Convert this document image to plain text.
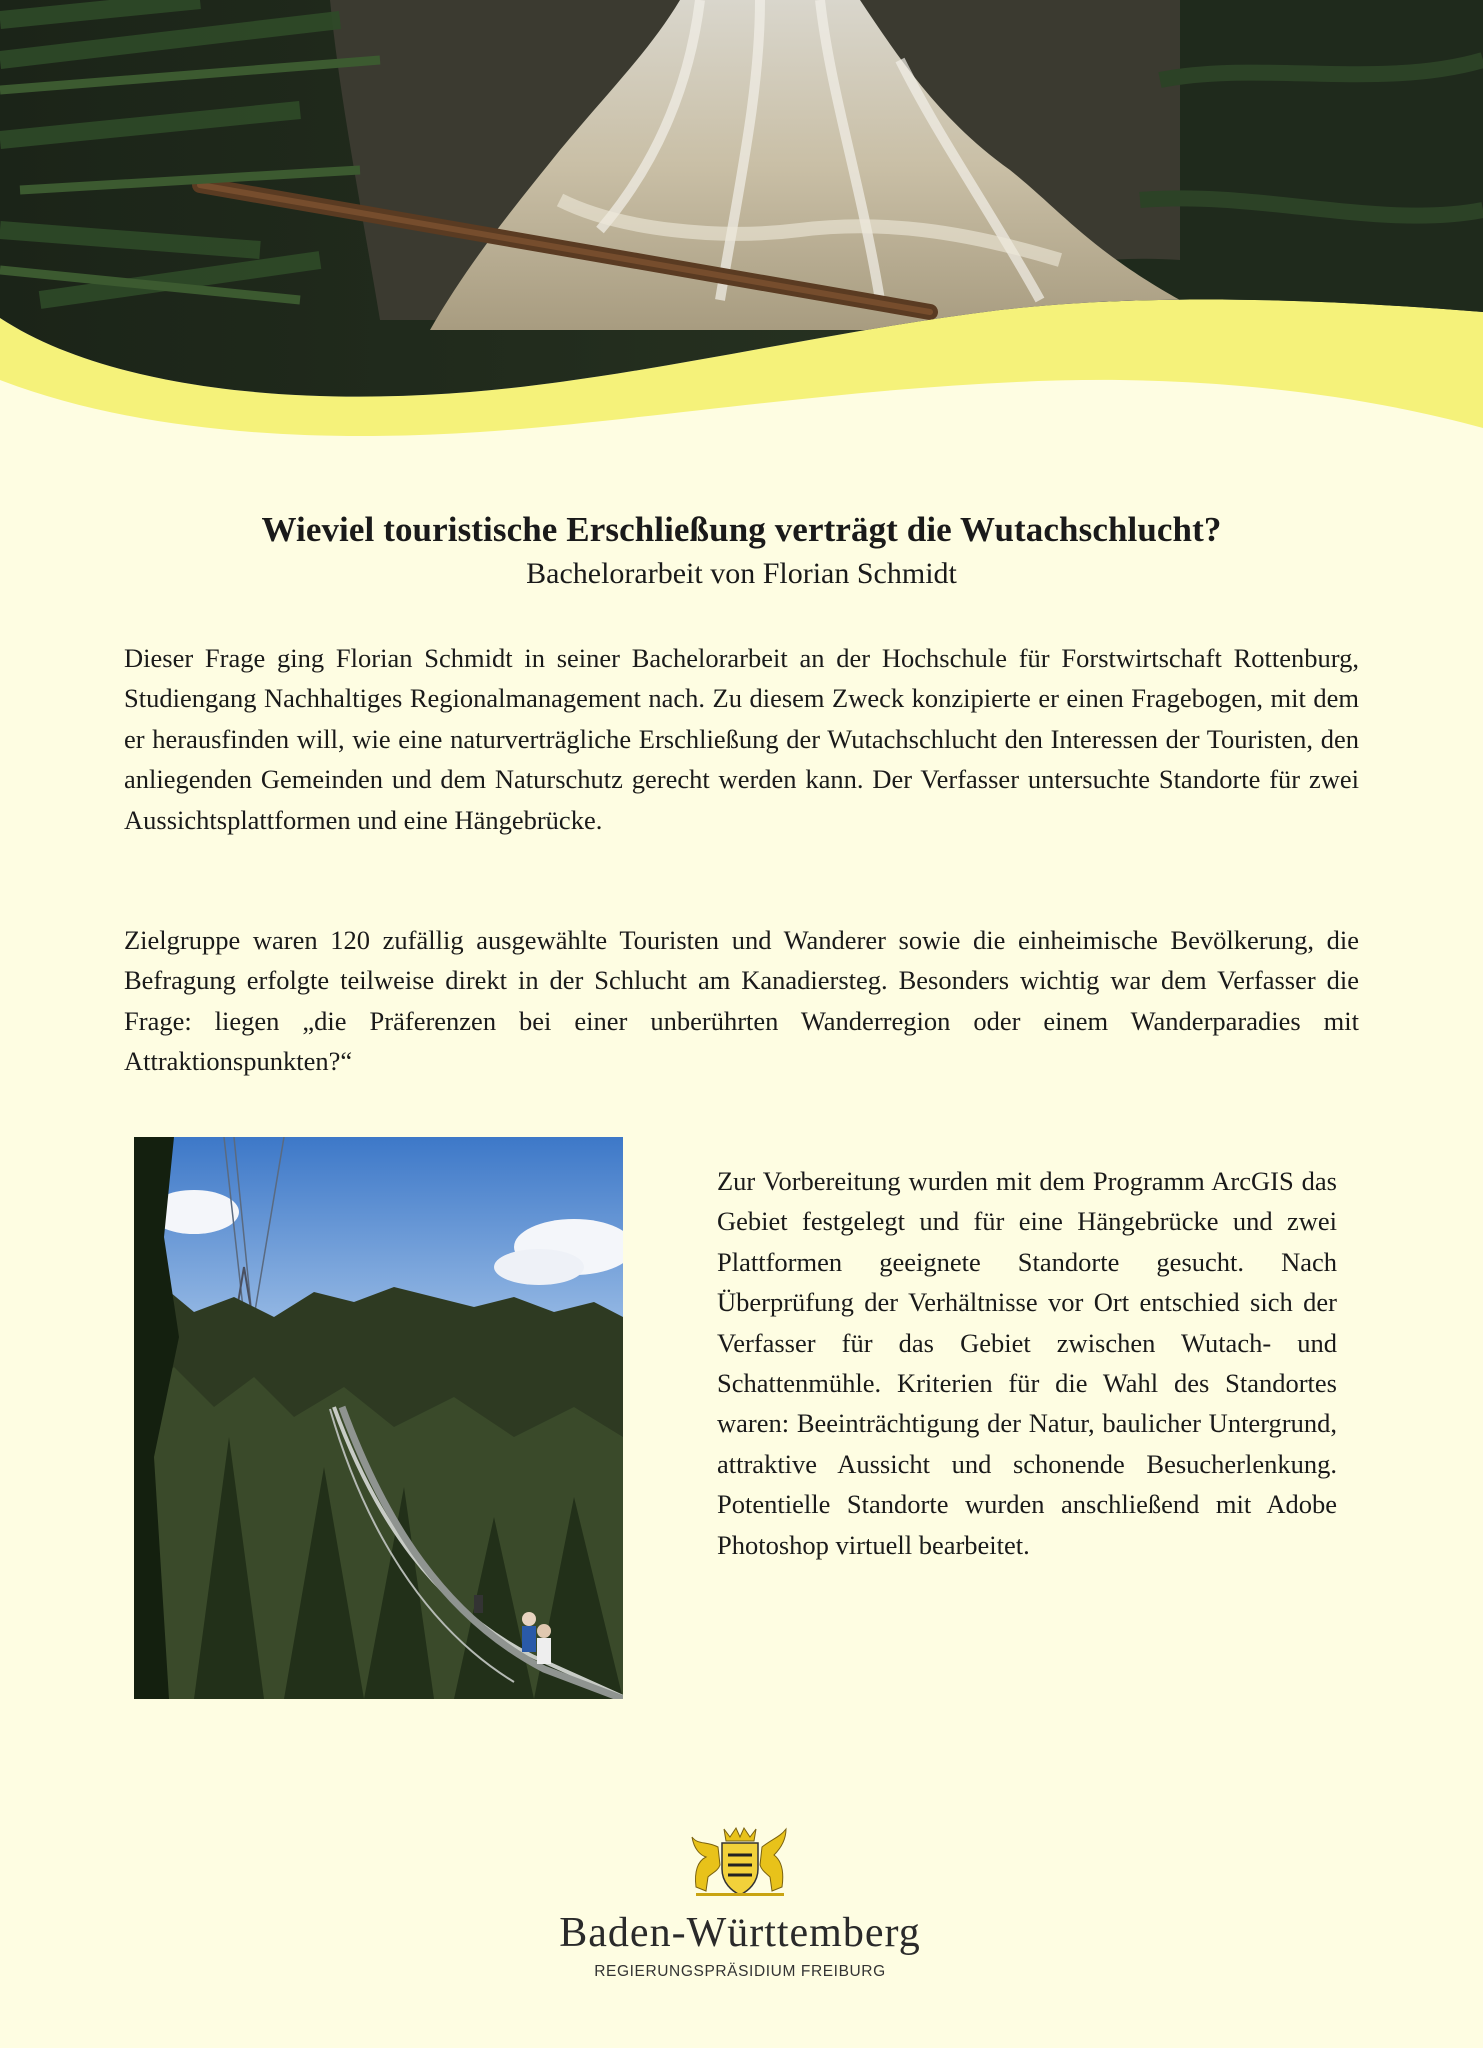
Wieviel touristische Erschließung verträgt die Wutachschlucht?

Bachelorarbeit von Florian Schmidt

Dieser Frage ging Florian Schmidt in seiner Bachelorarbeit an der Hochschule für Forstwirtschaft Rottenburg, Studiengang Nachhaltiges Regionalmanagement nach. Zu diesem Zweck konzipierte er einen Fragebogen, mit dem er herausfinden will, wie eine naturverträgliche Erschließung der Wutachschlucht den Interessen der Touristen, den anliegenden Gemeinden und dem Naturschutz gerecht werden kann. Der Verfasser untersuchte Standorte für zwei Aussichtsplattformen und eine Hängebrücke.

Zielgruppe waren 120 zufällig ausgewählte Touristen und Wanderer sowie die einheimische Bevölkerung, die Befragung erfolgte teilweise direkt in der Schlucht am Kanadiersteg. Besonders wichtig war dem Verfasser die Frage: liegen „die Präferenzen bei einer unberührten Wanderregion oder einem Wanderparadies mit Attraktionspunkten?“

Zur Vorbereitung wurden mit dem Programm ArcGIS das Gebiet festgelegt und für eine Hängebrücke und zwei Plattformen geeignete Standorte gesucht. Nach Überprüfung der Verhältnisse vor Ort entschied sich der Verfasser für das Gebiet zwischen Wutach- und Schattenmühle. Kriterien für die Wahl des Standortes waren: Beeinträchtigung der Natur, baulicher Untergrund, attraktive Aussicht und schonende Besucherlenkung. Potentielle Standorte wurden anschließend mit Adobe Photoshop virtuell bearbeitet.

Baden-Württemberg
REGIERUNGSPRÄSIDIUM FREIBURG
